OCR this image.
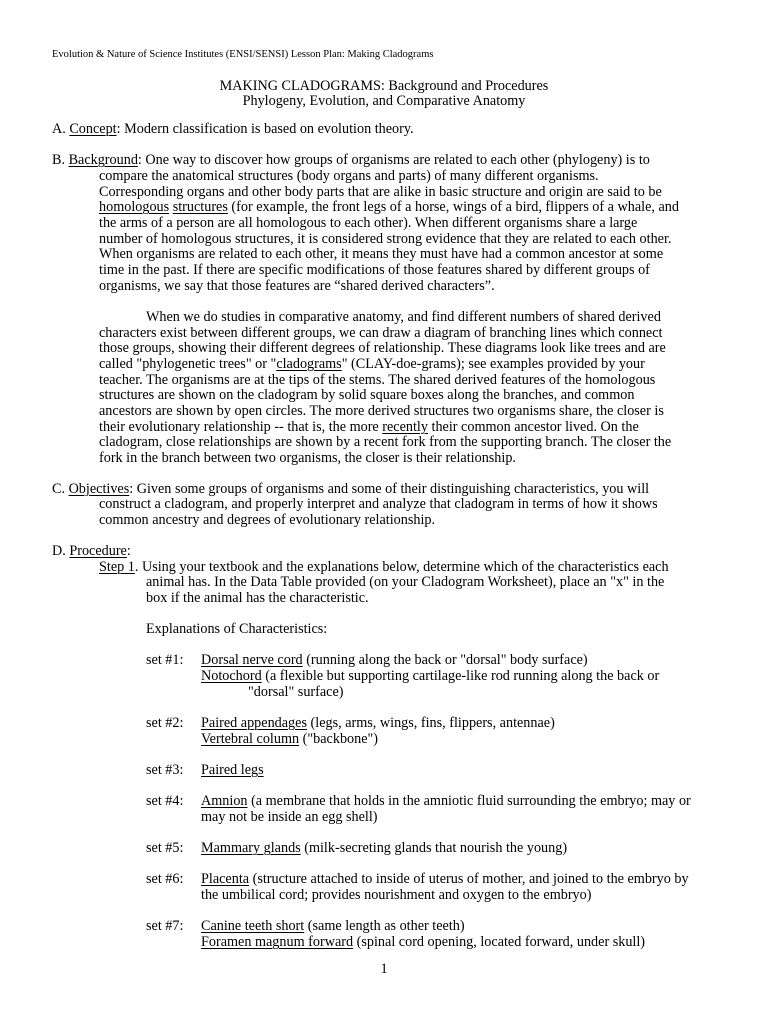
Evolution & Nature of Science Institutes (ENSI/SENSI) Lesson Plan: Making Cladograms
MAKING CLADOGRAMS: Background and Procedures
Phylogeny, Evolution, and Comparative Anatomy
A. Concept: Modern classification is based on evolution theory.
B. Background: One way to discover how groups of organisms are related to each other (phylogeny) is to
compare the anatomical structures (body organs and parts) of many different organisms.
Corresponding organs and other body parts that are alike in basic structure and origin are said to be
homologous structures (for example, the front legs of a horse, wings of a bird, flippers of a whale, and
the arms of a person are all homologous to each other). When different organisms share a large
number of homologous structures, it is considered strong evidence that they are related to each other.
When organisms are related to each other, it means they must have had a common ancestor at some
time in the past. If there are specific modifications of those features shared by different groups of
organisms, we say that those features are “shared derived characters”.
When we do studies in comparative anatomy, and find different numbers of shared derived
characters exist between different groups, we can draw a diagram of branching lines which connect
those groups, showing their different degrees of relationship. These diagrams look like trees and are
called "phylogenetic trees" or "cladograms" (CLAY-doe-grams); see examples provided by your
teacher. The organisms are at the tips of the stems. The shared derived features of the homologous
structures are shown on the cladogram by solid square boxes along the branches, and common
ancestors are shown by open circles. The more derived structures two organisms share, the closer is
their evolutionary relationship -- that is, the more recently their common ancestor lived. On the
cladogram, close relationships are shown by a recent fork from the supporting branch. The closer the
fork in the branch between two organisms, the closer is their relationship.
C. Objectives: Given some groups of organisms and some of their distinguishing characteristics, you will
construct a cladogram, and properly interpret and analyze that cladogram in terms of how it shows
common ancestry and degrees of evolutionary relationship.
D. Procedure:
Step 1. Using your textbook and the explanations below, determine which of the characteristics each
animal has. In the Data Table provided (on your Cladogram Worksheet), place an "x" in the
box if the animal has the characteristic.
Explanations of Characteristics:
set #1: Dorsal nerve cord (running along the back or "dorsal" body surface)
Notochord (a flexible but supporting cartilage-like rod running along the back or
"dorsal" surface)
set #2: Paired appendages (legs, arms, wings, fins, flippers, antennae)
Vertebral column ("backbone")
set #3: Paired legs
set #4: Amnion (a membrane that holds in the amniotic fluid surrounding the embryo; may or
may not be inside an egg shell)
set #5: Mammary glands (milk-secreting glands that nourish the young)
set #6: Placenta (structure attached to inside of uterus of mother, and joined to the embryo by
the umbilical cord; provides nourishment and oxygen to the embryo)
set #7: Canine teeth short (same length as other teeth)
Foramen magnum forward (spinal cord opening, located forward, under skull)
1
